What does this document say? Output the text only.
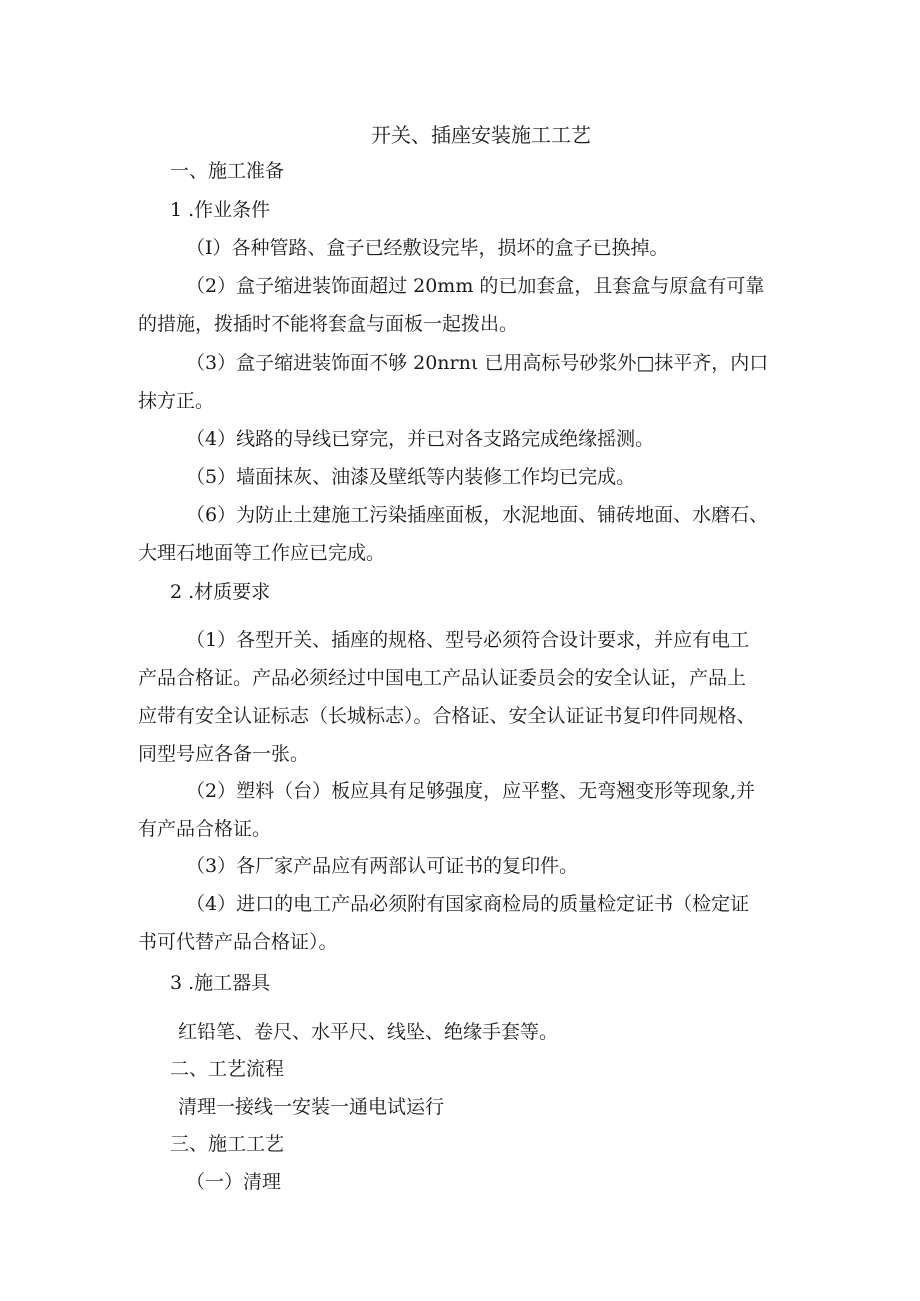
开关、插座安装施工工艺
一、施工准备
1 .作业条件
（I）各种管路、盒子已经敷设完毕，损坏的盒子已换掉。
（2）盒子缩进装饰面超过 20mm 的已加套盒，且套盒与原盒有可靠
的措施，拨插时不能将套盒与面板一起拨出。
（3）盒子缩进装饰面不够 20nrnι 已用高标号砂浆外□抹平齐，内口
抹方正。
（4）线路的导线已穿完，并已对各支路完成绝缘摇测。
（5）墙面抹灰、油漆及壁纸等内装修工作均已完成。
（6）为防止土建施工污染插座面板，水泥地面、铺砖地面、水磨石、
大理石地面等工作应已完成。
2 .材质要求
（1）各型开关、插座的规格、型号必须符合设计要求，并应有电工
产品合格证。产品必须经过中国电工产品认证委员会的安全认证，产品上
应带有安全认证标志（长城标志）。合格证、安全认证证书复印件同规格、
同型号应各备一张。
（2）塑料（台）板应具有足够强度，应平整、无弯翘变形等现象,并
有产品合格证。
（3）各厂家产品应有两部认可证书的复印件。
（4）进口的电工产品必须附有国家商检局的质量检定证书（检定证
书可代替产品合格证）。
3 .施工器具
红铅笔、卷尺、水平尺、线坠、绝缘手套等。
二、工艺流程
清理一接线一安装一通电试运行
三、施工工艺
（一）清理
